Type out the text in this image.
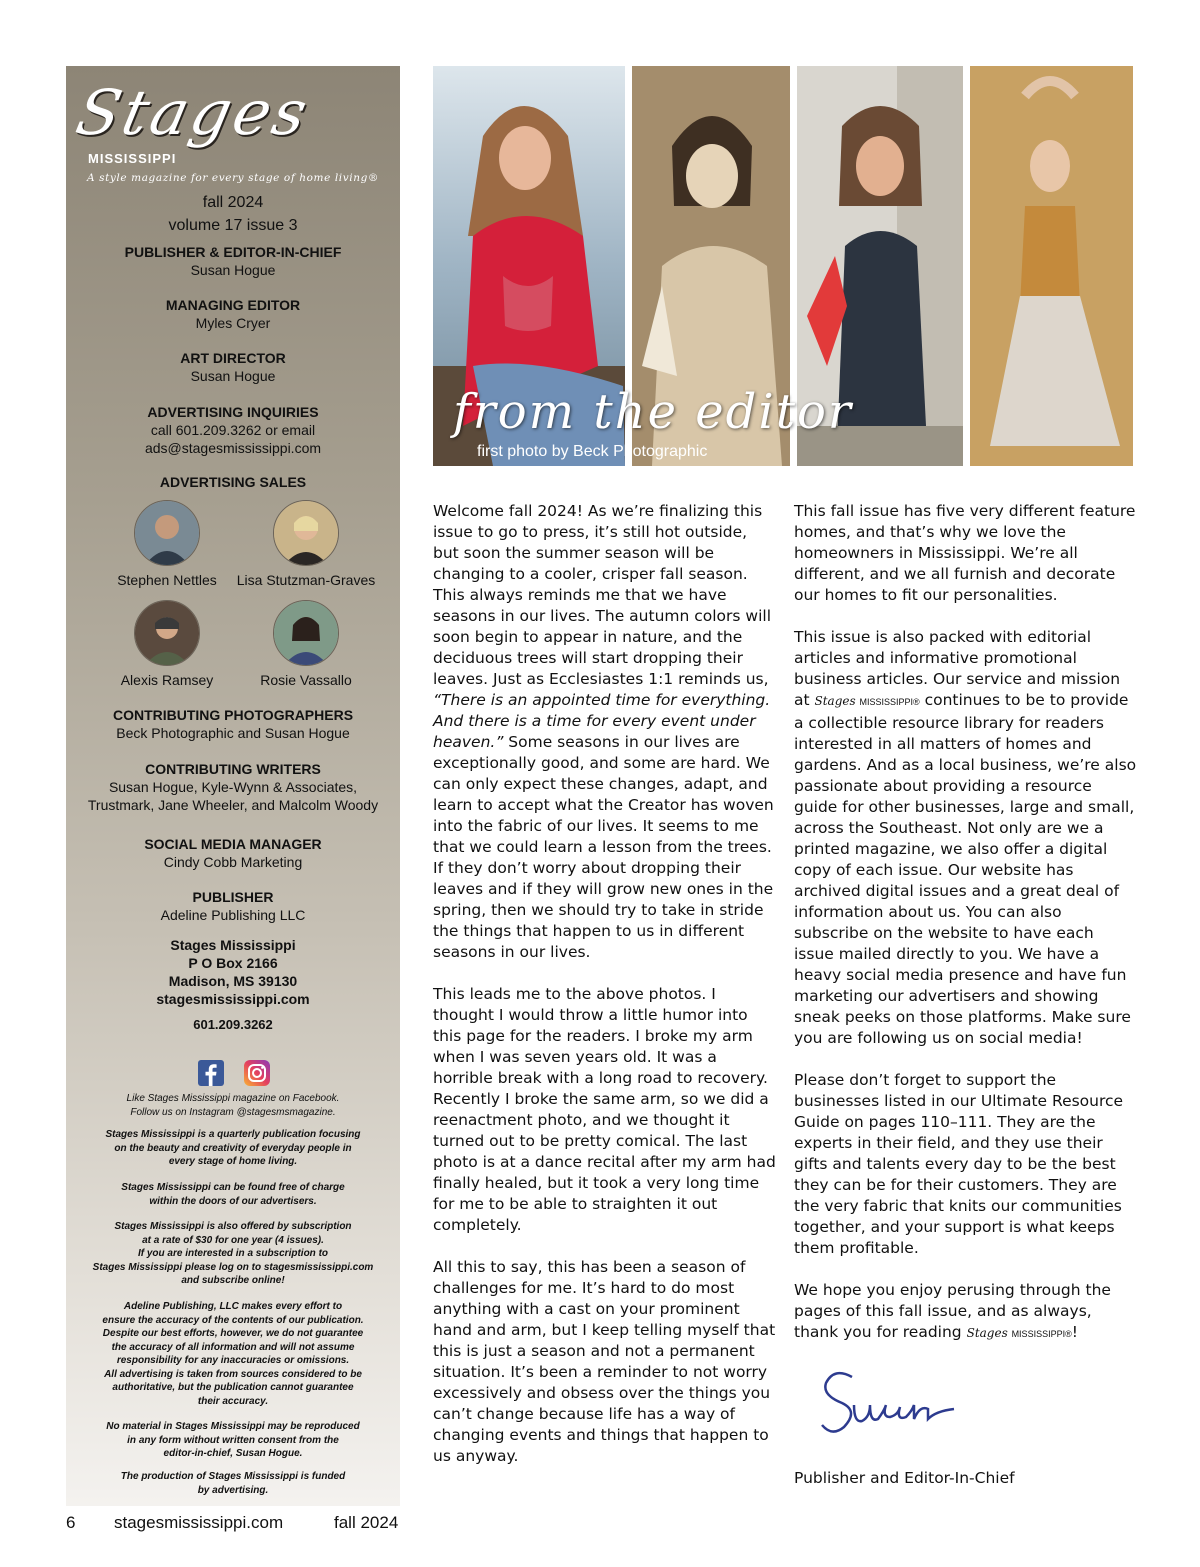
Stages
MISSISSIPPI
A style magazine for every stage of home living®
fall 2024
volume 17 issue 3
PUBLISHER & EDITOR-IN-CHIEF
Susan Hogue
MANAGING EDITOR
Myles Cryer
ART DIRECTOR
Susan Hogue
ADVERTISING INQUIRIES
call 601.209.3262 or email
ads@stagesmississippi.com
ADVERTISING SALES
Stephen Nettles	Lisa Stutzman-Graves
Alexis Ramsey	Rosie Vassallo
CONTRIBUTING PHOTOGRAPHERS
Beck Photographic and Susan Hogue
CONTRIBUTING WRITERS
Susan Hogue, Kyle-Wynn & Associates,
Trustmark, Jane Wheeler, and Malcolm Woody
SOCIAL MEDIA MANAGER
Cindy Cobb Marketing
PUBLISHER
Adeline Publishing LLC
Stages Mississippi
P O Box 2166
Madison, MS 39130
stagesmississippi.com
601.209.3262
Like Stages Mississippi magazine on Facebook.
Follow us on Instagram @stagesmsmagazine.
Stages Mississippi is a quarterly publication focusing
on the beauty and creativity of everyday people in
every stage of home living.
Stages Mississippi can be found free of charge
within the doors of our advertisers.
Stages Mississippi is also offered by subscription
at a rate of $30 for one year (4 issues).
If you are interested in a subscription to
Stages Mississippi please log on to stagesmississippi.com
and subscribe online!
Adeline Publishing, LLC makes every effort to
ensure the accuracy of the contents of our publication.
Despite our best efforts, however, we do not guarantee
the accuracy of all information and will not assume
responsibility for any inaccuracies or omissions.
All advertising is taken from sources considered to be
authoritative, but the publication cannot guarantee
their accuracy.
No material in Stages Mississippi may be reproduced
in any form without written consent from the
editor-in-chief, Susan Hogue.
The production of Stages Mississippi is funded
by advertising.
6 stagesmississippi.com	fall 2024
from the editor
first photo by Beck Photographic

Welcome fall 2024! As we’re finalizing this issue to go to press, it’s still hot outside, but soon the summer season will be changing to a cooler, crisper fall season. This always reminds me that we have seasons in our lives. The autumn colors will soon begin to appear in nature, and the deciduous trees will start dropping their leaves. Just as Ecclesiastes 1:1 reminds us, “There is an appointed time for everything. And there is a time for every event under heaven.” Some seasons in our lives are exceptionally good, and some are hard. We can only expect these changes, adapt, and learn to accept what the Creator has woven into the fabric of our lives. It seems to me that we could learn a lesson from the trees. If they don’t worry about dropping their leaves and if they will grow new ones in the spring, then we should try to take in stride the things that happen to us in different seasons in our lives.

This leads me to the above photos. I thought I would throw a little humor into this page for the readers. I broke my arm when I was seven years old. It was a horrible break with a long road to recovery. Recently I broke the same arm, so we did a reenactment photo, and we thought it turned out to be pretty comical. The last photo is at a dance recital after my arm had finally healed, but it took a very long time for me to be able to straighten it out completely.

All this to say, this has been a season of challenges for me. It’s hard to do most anything with a cast on your prominent hand and arm, but I keep telling myself that this is just a season and not a permanent situation. It’s been a reminder to not worry excessively and obsess over the things you can’t change because life has a way of changing events and things that happen to us anyway.

This fall issue has five very different feature homes, and that’s why we love the homeowners in Mississippi. We’re all different, and we all furnish and decorate our homes to fit our personalities.

This issue is also packed with editorial articles and informative promotional business articles. Our service and mission at Stages MISSISSIPPI® continues to be to provide a collectible resource library for readers interested in all matters of homes and gardens. And as a local business, we’re also passionate about providing a resource guide for other businesses, large and small, across the Southeast. Not only are we a printed magazine, we also offer a digital copy of each issue. Our website has archived digital issues and a great deal of information about us. You can also subscribe on the website to have each issue mailed directly to you. We have a heavy social media presence and have fun marketing our advertisers and showing sneak peeks on those platforms. Make sure you are following us on social media!

Please don’t forget to support the businesses listed in our Ultimate Resource Guide on pages 110–111. They are the experts in their field, and they use their gifts and talents every day to be the best they can be for their customers. They are the very fabric that knits our communities together, and your support is what keeps them profitable.

We hope you enjoy perusing through the pages of this fall issue, and as always, thank you for reading Stages MISSISSIPPI®!

Publisher and Editor-In-Chief
